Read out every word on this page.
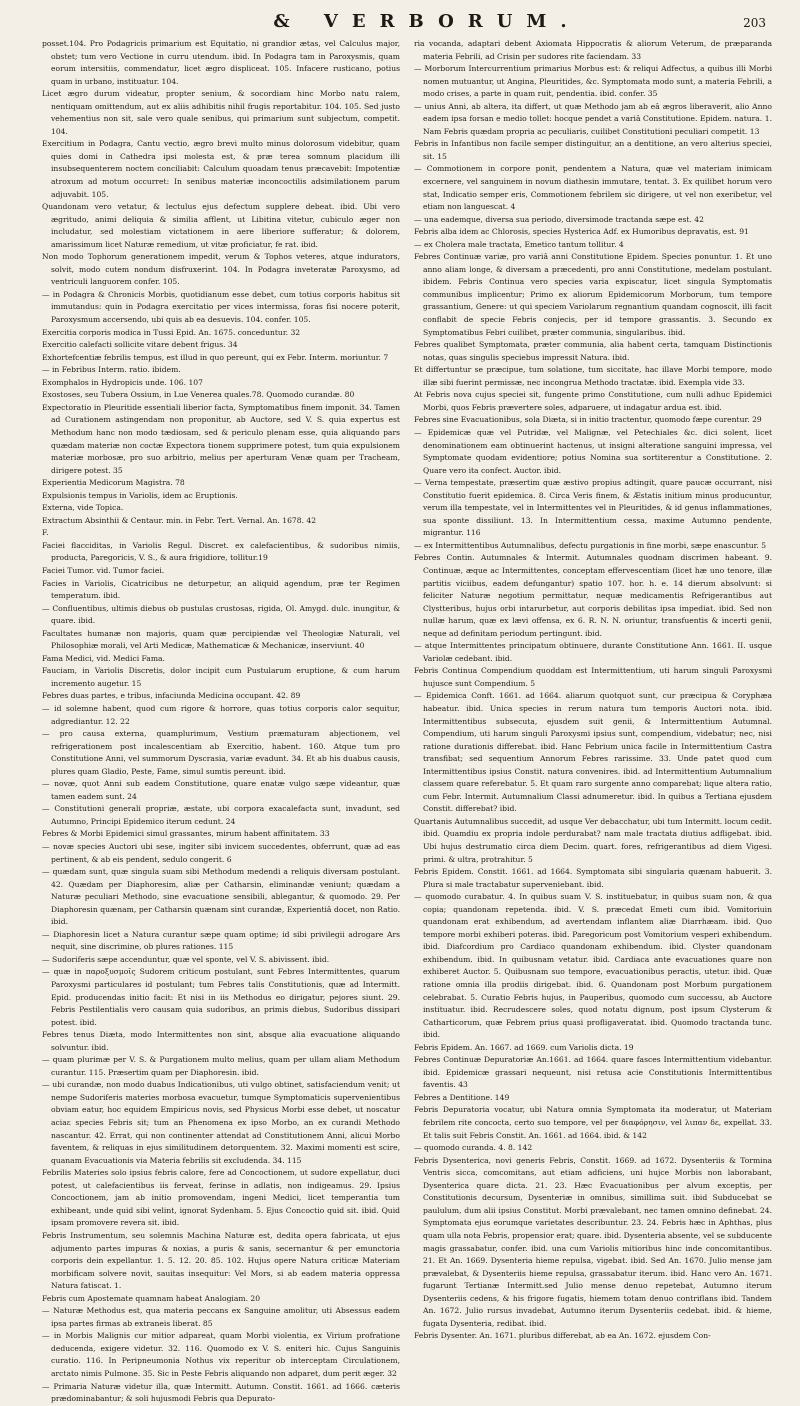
& VERBORUM.	203

posset.104. Pro Podagricis primarium est Equitatio, ni grandior ætas, vel Calculus major, obstet; tum vero Vectione in curru utendum. ibid. In Podagra tam in Paroxysmis, quam eorum intersitiis, commendatur, licet ægro displiceat. 105. Infacere rusticano, potius quam in urbano, instituatur. 104.

Licet ægro durum videatur, propter senium, & socordiam hinc Morbo natu ralem, nentiquam omittendum, aut ex aliis adhibitis nihil frugis reportabitur. 104. 105. Sed justo vehementius non sit, sale vero quale senibus, qui primarium sunt subjectum, competit. 104.

Exercitium in Podagra, Cantu vectio, ægro brevi multo minus dolorosum videbitur, quam quies domi in Cathedra ipsi molesta est, & præ terea somnum placidum illi insubsequenterem noctem conciliabit: Calculum quoadam tenus præcavebit: Impotentiæ atroxum ad motum occurret: In senibus materiæ inconcoctilis adsimilationem parum adjuvabit. 105.

Quandonam vero vetatur, & lectulus ejus defectum supplere debeat. ibid. Ubi vero ægritudo, animi deliquia & similia afflent, ut Libitina vitetur, cubiculo æger non includatur, sed molestiam victationem in aere liberiore sufferatur; & dolorem, amarissimum licet Naturæ remedium, ut vitæ proficiatur, fe rat. ibid.

Non modo Tophorum generationem impedit, verum & Tophos veteres, atque indurators, solvit, modo cutem nondum disfruxerint. 104. In Podagra inveteratæ Paroxysmo, ad ventriculi languorem confer. 105.

— in Podagra & Chronicis Morbis, quotidianum esse debet, cum totius corporis habitus sit immutandus: quin in Podagra exercitatio per vices intermissa, foras fisi nocere poterit, Paroxysmum accersendo, ubi quis ab ea desuevis. 104. confer. 105.

Exercitia corporis modica in Tussi Epid. An. 1675. conceduntur. 32

Exercitio calefacti sollicite vitare debent frigus. 34

Exhortefcentiæ febrilis tempus, est illud in quo pereunt, qui ex Febr. Interm. moriuntur. 7

— in Febribus Interm. ratio. ibidem.

Exomphalos in Hydropicis unde. 106. 107

Exostoses, seu Tubera Ossium, in Lue Venerea quales.78. Quomodo curandæ. 80

Expectoratio in Pleuritide essentiali liberior facta, Symptomatibus finem imponit. 34. Tamen ad Curationem astingendam non proponitur, ab Auctore, sed V. S. quia expertus est Methodum hanc non modo tædiosam, sed & periculo plenam esse, quia aliquando pars quædam materiæ non coctæ Expectora tionem supprimere potest, tum quia expulsionem materiæ morbosæ, pro suo arbitrio, melius per aperturam Venæ quam per Tracheam, dirigere potest. 35

Experientia Medicorum Magistra. 78

Expulsionis tempus in Variolis, idem ac Eruptionis.

Externa, vide Topica.

Extractum Absinthii & Centaur. min. in Febr. Tert. Vernal. An. 1678. 42

F.

Faciei flacciditas, in Variolis Regul. Discret. ex calefacientibus, & sudoribus nimiis, producta, Paregoricis, V. S., & aura frigidiore, tollitur.19

Faciei Tumor. vid. Tumor faciei.

Facies in Variolis, Cicatricibus ne deturpetur, an aliquid agendum, præ ter Regimen temperatum. ibid.

— Confluentibus, ultimis diebus ob pustulas crustosas, rigida, Ol. Amygd. dulc. inungitur, & quare. ibid.

Facultates humanæ non majoris, quam quæ percipiendæ vel Theologiæ Naturali, vel Philosophiæ morali, vel Arti Medicæ, Mathematicæ & Mechanicæ, inserviunt. 40

Fama Medici, vid. Medici Fama.

Fauciam, in Variolis Discretis, dolor incipit cum Pustularum eruptione, & cum harum incremento augetur. 15

Febres duas partes, e tribus, infaciunda Medicina occupant. 42. 89

— id solemne habent, quod cum rigore & horrore, quas totius corporis calor sequitur, adgrediantur. 12. 22

— pro causa externa, quamplurimum, Vestium præmaturam abjectionem, vel refrigerationem post incalescentiam ab Exercitio, habent. 160. Atque tum pro Constitutione Anni, vel summorum Dyscrasia, variæ evadunt. 34. Et ab his duabus causis, plures quam Gladio, Peste, Fame, simul sumtis pereunt. ibid.

— novæ, quot Anni sub eadem Constitutione, quare enatæ vulgo sæpe videantur, quæ tamen eadem sunt. 24

— Constitutioni generali propriæ, æstate, ubi corpora exacalefacta sunt, invadunt, sed Autumno, Principi Epidemico iterum cedunt. 24

Febres & Morbi Epidemici simul grassantes, mirum habent affinitatem. 33

— novæ species Auctori ubi sese, ingiter sibi invicem succedentes, obferrunt, quæ ad eas pertinent, & ab eis pendent, sedulo congerit. 6

— quædam sunt, quæ singula suam sibi Methodum medendi a reliquis diversam postulant. 42. Quædam per Diaphoresim, aliæ per Catharsin, eliminandæ veniunt; quædam a Naturæ peculiari Methodo, sine evacuatione sensibili, ablegantur, & quomodo. 29. Per Diaphoresin quænam, per Catharsin quænam sint curandæ, Experientiâ docet, non Ratio. ibid.

— Diaphoresin licet a Natura curantur sæpe quam optime; id sibi privilegii adrogare Ars nequit, sine discrimine, ob plures rationes. 115

— Sudoriferis sæpe accenduntur, quæ vel sponte, vel V. S. abivissent. ibid.

— quæ in παροξυσμοῖς Sudorem criticum postulant, sunt Febres Intermittentes, quarum Paroxysmi particulares id postulant; tum Febres talis Constitutionis, quæ ad Intermitt. Epid. producendas initio facit: Et nisi in iis Methodus eo dirigatur, pejores siunt. 29. Febris Pestilentialis vero causam quia sudoribus, an primis diebus, Sudoribus dissipari potest. ibid.

Febres tenus Diæta, modo Intermittentes non sint, absque alia evacuatione aliquando solvuntur. ibid.

— quam plurimæ per V. S. & Purgationem multo melius, quam per ullam aliam Methodum curantur. 115. Præsertim quam per Diaphoresin. ibid.

— ubi curandæ, non modo duabus Indicationibus, uti vulgo obtinet, satisfaciendum venit; ut nempe Sudoriferis materies morbosa evacuetur, tumque Symptomaticis supervenientibus obviam eatur, hoc equidem Empiricus novis, sed Physicus Morbi esse debet, ut noscatur aciaε species Febris sit; tum an Phenomena ex ipso Morbo, an ex curandi Methodo nascantur. 42. Errat, qui non continenter attendat ad Constitutionem Anni, alicui Morbo faventem, & reliquas in ejus similitudinem detorquentem. 32. Maximi momenti est scire, quanam Evacuationis via Materia febrilis sit excludenda. 34. 115

Febrilis Materies solo ipsius febris calore, fere ad Concoctionem, ut sudore expellatur, duci potest, ut calefacientibus iis ferveat, ferinse in adlatis, non indigeamus. 29. Ipsius Concoctionem, jam ab initio promovendam, ingeni Medici, licet temperantia tum exhibeant, unde quid sibi velint, ignorat Sydenham. 5. Ejus Concoctio quid sit. ibid. Quid ipsam promovere revera sit. ibid.

Febris Instrumentum, seu solemnis Machina Naturæ est, dedita opera fabricata, ut ejus adjumento partes impuras & noxias, a puris & sanis, secernantur & per emunctoria corporis dein expellantur. 1. 5. 12. 20. 85. 102. Hujus opere Natura criticæ Materiam morbificam solvere novit, sauitas insequitur: Vel Mors, si ab eadem materia oppressa Natura fatiscat. 1.

Febris cum Apostemate quamnam habeat Analogiam. 20

— Naturæ Methodus est, qua materia peccans ex Sanguine amolitur, uti Absessus eadem ipsa partes firmas ab extraneis liberat. 85

— in Morbis Malignis cur mitior adpareat, quam Morbi violentia, ex Virium profratione deducenda, exigere videtur. 32. 116. Quomodo ex V. S. eniteri hic. Cujus Sanguinis curatio. 116. In Peripneumonia Nothus vix reperitur ob interceptam Circulationem, arctato nimis Pulmone. 35. Sic in Peste Febris aliquando non adparet, dum perit æger. 32

— Primaria Naturæ videtur illa, quæ Intermitt. Autumn. Constit. 1661. ad 1666. cæteris prædominabantur; & soli hujusmodi Febris qua Depurato-

ria vocanda, adaptari debent Axiomata Hippocratis & aliorum Veterum, de præparanda materia Febrili, ad Crisin per sudores rite faciendam. 33

— Morborum Intercurrentium primarius Morbus est: & reliqui Adfectus, a quibus illi Morbi nomen mutuantur, ut Angina, Pleuritides, &c. Symptomata modo sunt, a materia Febrili, a modo crises, a parte in quam ruit, pendentia. ibid. confer. 35

— unius Anni, ab altera, ita differt, ut quæ Methodo jam ab eâ ægros liberaverit, alio Anno eadem ipsa forsan e medio tollet: hocque pendet a variâ Constitutione. Epidem. natura. 1. Nam Febris quædam propria ac peculiaris, cuilibet Constitutioni peculiari competit. 13

Febris in Infantibus non facile semper distinguitur, an a dentitione, an vero alterius speciei, sit. 15

— Commotionem in corpore ponit, pendentem a Natura, quæ vel materiam inimicam excernere, vel sanguinem in novum diathesin immutare, tentat. 3. Ex quilibet horum vero stat, Indicatio semper eris, Commotionem febrilem sic dirigere, ut vel non exeribetur, vel etiam non languescat. 4

— una eademque, diversa sua periodo, diversimode tractanda sæpe est. 42

Febris alba idem ac Chlorosis, species Hysterica Adf. ex Humoribus depravatis, est. 91

— ex Cholera male tractata, Emetico tantum tollitur. 4

Febres Continuæ variæ, pro variâ anni Constitutione Epidem. Species ponuntur. 1. Et uno anno aliam longe, & diversam a præcedenti, pro anni Constitutione, medelam postulant. ibidem. Febris Continua vero species varia expiscatur, licet singula Symptomatis communibus implicentur; Primo ex aliorum Epidemicorum Morborum, tum tempore grassantium, Genere: ut qui speciem Variolarum regnantium quandam cognoscit, illi facit conflabit de specie Febris conjecis, per id tempore grassantis. 3. Secundo ex Symptomatibus Febri cuilibet, præter communia, singularibus. ibid.

Febres qualibet Symptomata, præter communia, alia habent certa, tamquam Distinctionis notas, quas singulis speciebus impressit Natura. ibid.

Et differtuntur se præcipue, tum solatione, tum siccitate, hac illave Morbi tempore, modo illæ sibi fuerint permissæ, nec incongrua Methodo tractatæ. ibid. Exempla vide 33.

At Febris nova cujus speciei sit, fungente primo Constitutione, cum nulli adhuc Epidemici Morbi, quos Febris prævertere soles, adparuere, ut indagatur ardua est. ibid.

Febres sine Evacuationibus, sola Diæta, si in initio tractentur, quomodo fæpe curentur. 29

— Epidemicæ quæ vel Putridæ, vel Malignæ, vel Petechiales &c. dici solent, licet denominationem eam obtinuerint hactenus, ut insigni alteratione sanguini impressa, vel Symptomate quodam evidentiore; potius Nomina sua sortiterentur a Constitutione. 2. Quare vero ita confect. Auctor. ibid.

— Verna tempestate, præsertim quæ æstivo propius adtingit, quare paucæ occurrant, nisi Constitutio fuerit epidemica. 8. Circa Veris finem, & Æstatis initium minus producuntur, verum illa tempestate, vel in Intermittentes vel in Pleuritides, & id genus inflammationes, sua sponte dissiliunt. 13. In Intermittentium cessa, maxime Autumno pendente, migrantur. 116

— ex Intermittentibus Autumnalibus, defectu purgationis in fine morbi, sæpe enascuntur. 5

Febres Contin. Autumnales & Intermit. Autumnales quodnam discrimen habeant. 9. Continuæ, æque ac Intermittentes, conceptam effervescentiam (licet hæ uno tenore, illæ partitis viciibus, eadem defungantur) spatio 107. hor. h. e. 14 dierum absolvunt: si feliciter Naturæ negotium permittatur, nequæ medicamentis Refrigerantibus aut Clystteribus, hujus orbi intarurbetur, aut corporis debilitas ipsa impediat. ibid. Sed non nullæ harum, quæ ex lævi offensa, ex 6. R. N. N. oriuntur, transfuentis & incerti genii, neque ad definitam periodum pertingunt. ibid.

— atque Intermittentes principatum obtinuere, durante Constitutione Ann. 1661. II. usque Variolæ cedebant. ibid.

Febris Continua Compendium quoddam est Intermittentium, uti harum singuli Paroxysmi hujusce sunt Compendium. 5

— Epidemica Conft. 1661. ad 1664. aliarum quotquot sunt, cur præcipua & Coryphæa habeatur. ibid. Unica species in rerum natura tum temporis Auctori nota. ibid. Intermittentibus subsecuta, ejusdem suit genii, & Intermittentium Autumnal. Compendium, uti harum singuli Paroxysmi ipsius sunt, compendium, videbatur; nec, nisi ratione durationis differebat. ibid. Hanc Febrium unica facile in Intermittentium Castra transfibat; sed sequentium Annorum Febres rarissime. 33. Unde patet quod cum Intermittentibus ipsius Constit. natura convenires. ibid. ad Intermittentium Autumnalium classem quare referebatur. 5. Et quam raro surgente anno comparebat; lique altera ratio, cum Febr. Intermit. Autumnalium Classi adnumeretur. ibid. In quibus a Tertiana ejusdem Constit. differebat? ibid.

Quartanis Autumnalibus succedit, ad usque Ver debacchatur, ubi tum Intermitt. locum cedit. ibid. Quamdiu ex propria indole perdurabat? nam male tractata diutius adfligebat. ibid. Ubi hujus destrumatio circa diem Decim. quart. fores, refrigerantibus ad diem Vigesi. primi. & ultra, protrahitur. 5

Febris Epidem. Constit. 1661. ad 1664. Symptomata sibi singularia quænam habuerit. 3. Plura si male tractabatur superveniebant. ibid.

— quomodo curabatur. 4. In quibus suam V. S. instituebatur, in quibus suam non, & qua copia; quandonam repetenda. ibid. V. S. præcedat Emeti cum ibid. Vomitoriuin quandonam erat exhibendum, ad avertendam inflantem aliæ Diarrhæam. ibid. Quo tempore morbi exhiberi poteras. ibid. Paregoricum post Vomitorium vesperi exhibendum. ibid. Diafcordium pro Cardiaco quandonam exhibendum. ibid. Clyster quandonam exhibendum. ibid. In quibusnam vetatur. ibid. Cardiaca ante evacuationes quare non exhiberet Auctor. 5. Quibusnam suo tempore, evacuationibus peractis, utetur. ibid. Quæ ratione omnia illa prodiis dirigebat. ibid. 6. Quandonam post Morbum purgationem celebrabat. 5. Curatio Febris hujus, in Pauperibus, quomodo cum successu, ab Auctore instituatur. ibid. Recrudescere soles, quod notatu dignum, post ipsum Clysterum & Catharticorum, quæ Febrem prius quasi profligaveratat. ibid. Quomodo tractanda tunc. ibid.

Febris Epidem. An. 1667. ad 1669. cum Variolis dicta. 19

Febres Continuæ Depuratoriæ An.1661. ad 1664. quare fasces Intermittentium videbantur. ibid. Epidemicæ grassari nequeunt, nisi retusa acie Constitutionis Intermittentibus faventis. 43

Febres a Dentitione. 149

Febris Depuratoria vocatur, ubi Natura omnia Symptomata ita moderatur, ut Materiam febrilem rite concocta, certo suo tempore, vel per διαφόρησιν, vel λιπαν δε, expellat. 33. Et talis suit Febris Constit. An. 1661. ad 1664. ibid. & 142

— quomodo curanda. 4. 8. 142

Febris Dysenterica, novi generis Febris, Constit. 1669. ad 1672. Dysenteriis & Tormina Ventris sicca, comcomitans, aut etiam adficiens, uni hujce Morbis non laborabant, Dysenterica quare dicta. 21. 23. Hæc Evacuationibus per alvum exceptis, per Constitutionis decursum, Dysenteriæ in omnibus, simillima suit. ibid Subducebat se paululum, dum alii ipsius Constitut. Morbi prævalebant, nec tamen omnino definebat. 24. Symptomata ejus eorumque varietates describuntur. 23. 24. Febris hæc in Aphthas, plus quam ulla nota Febris, propensior erat; quare. ibid. Dysenteria absente, vel se subducente magis grassabatur, confer. ibid. una cum Variolis mitioribus hinc inde concomitantibus. 21. Et An. 1669. Dysenteria hieme repulsa, vigebat. ibid. Sed An. 1670. Julio mense jam prævalebat, & Dysenteriis hieme repulsa, grassabatur iterum. ibid. Hanc vero An. 1671. fugarunt Tertianæ Intermitt.sed Julio mense denuo repetebat, Autumno iterum Dysenteriis cedens, & his frigore fugatis, hiemem totam denuo contriflans ibid. Tandem An. 1672. Julio rursus invadebat, Autumno iterum Dysenteriis cedebat. ibid. & hieme, fugata Dysenteria, redibat. ibid.

Febris Dysenter. An. 1671. pluribus differebat, ab ea An. 1672. ejusdem Con-
